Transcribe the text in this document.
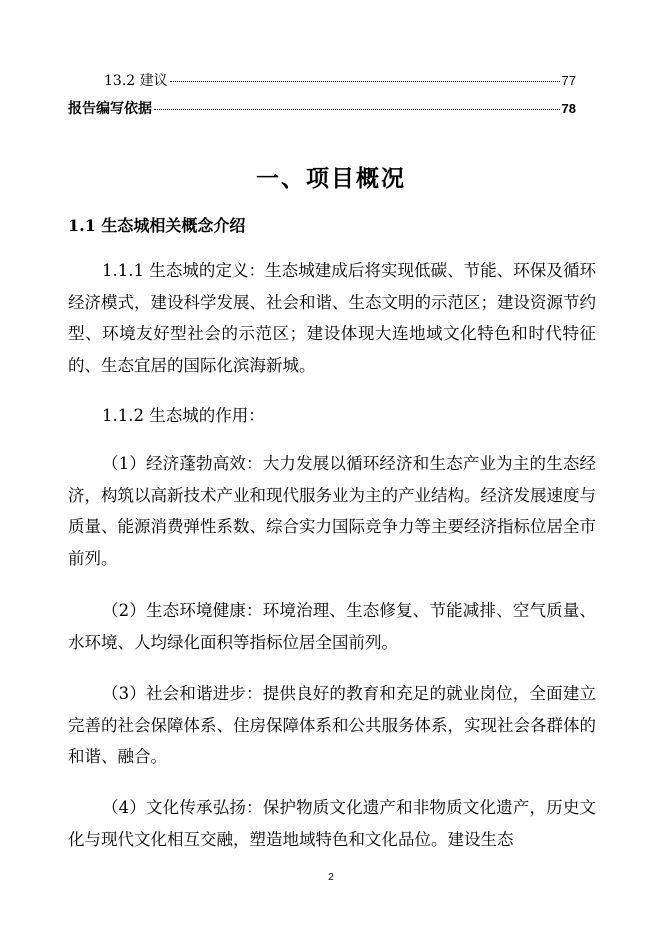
13.2 建议	77
报告编写依据	78
一、项目概况
1.1 生态城相关概念介绍

1.1.1 生态城的定义：生态城建成后将实现低碳、节能、环保及循环经济模式，建设科学发展、社会和谐、生态文明的示范区；建设资源节约型、环境友好型社会的示范区；建设体现大连地域文化特色和时代特征的、生态宜居的国际化滨海新城。

1.1.2 生态城的作用：

（1）经济蓬勃高效：大力发展以循环经济和生态产业为主的生态经济，构筑以高新技术产业和现代服务业为主的产业结构。经济发展速度与质量、能源消费弹性系数、综合实力国际竞争力等主要经济指标位居全市前列。

（2）生态环境健康：环境治理、生态修复、节能减排、空气质量、水环境、人均绿化面积等指标位居全国前列。

（3）社会和谐进步：提供良好的教育和充足的就业岗位，全面建立完善的社会保障体系、住房保障体系和公共服务体系，实现社会各群体的和谐、融合。

（4）文化传承弘扬：保护物质文化遗产和非物质文化遗产，历史文化与现代文化相互交融，塑造地域特色和文化品位。建设生态

2
